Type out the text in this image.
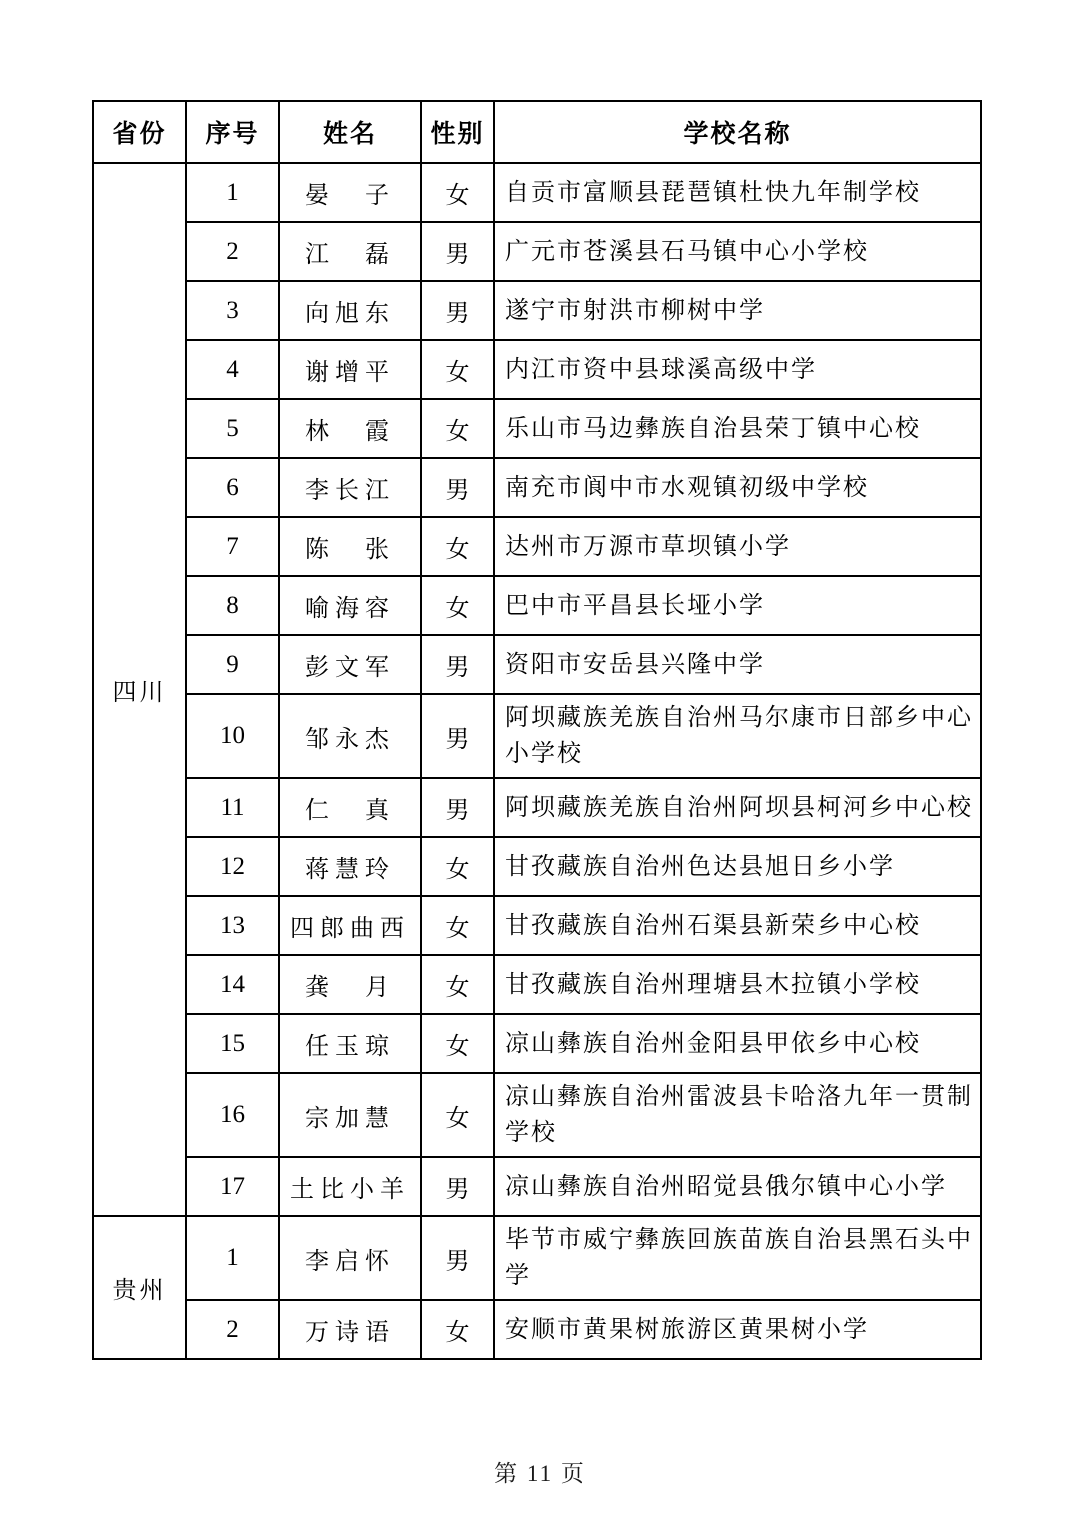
省份	序号	姓名	性别	学校名称
四川	1	晏　子	女	自贡市富顺县琵琶镇杜快九年制学校
	2	江　磊	男	广元市苍溪县石马镇中心小学校
	3	向旭东	男	遂宁市射洪市柳树中学
	4	谢增平	女	内江市资中县球溪高级中学
	5	林　霞	女	乐山市马边彝族自治县荣丁镇中心校
	6	李长江	男	南充市阆中市水观镇初级中学校
	7	陈　张	女	达州市万源市草坝镇小学
	8	喻海容	女	巴中市平昌县长垭小学
	9	彭文军	男	资阳市安岳县兴隆中学
	10	邹永杰	男	阿坝藏族羌族自治州马尔康市日部乡中心小学校
	11	仁　真	男	阿坝藏族羌族自治州阿坝县柯河乡中心校
	12	蒋慧玲	女	甘孜藏族自治州色达县旭日乡小学
	13	四郎曲西	女	甘孜藏族自治州石渠县新荣乡中心校
	14	龚　月	女	甘孜藏族自治州理塘县木拉镇小学校
	15	任玉琼	女	凉山彝族自治州金阳县甲依乡中心校
	16	宗加慧	女	凉山彝族自治州雷波县卡哈洛九年一贯制学校
	17	土比小羊	男	凉山彝族自治州昭觉县俄尔镇中心小学
贵州	1	李启怀	男	毕节市威宁彝族回族苗族自治县黑石头中学
	2	万诗语	女	安顺市黄果树旅游区黄果树小学
第 11 页
